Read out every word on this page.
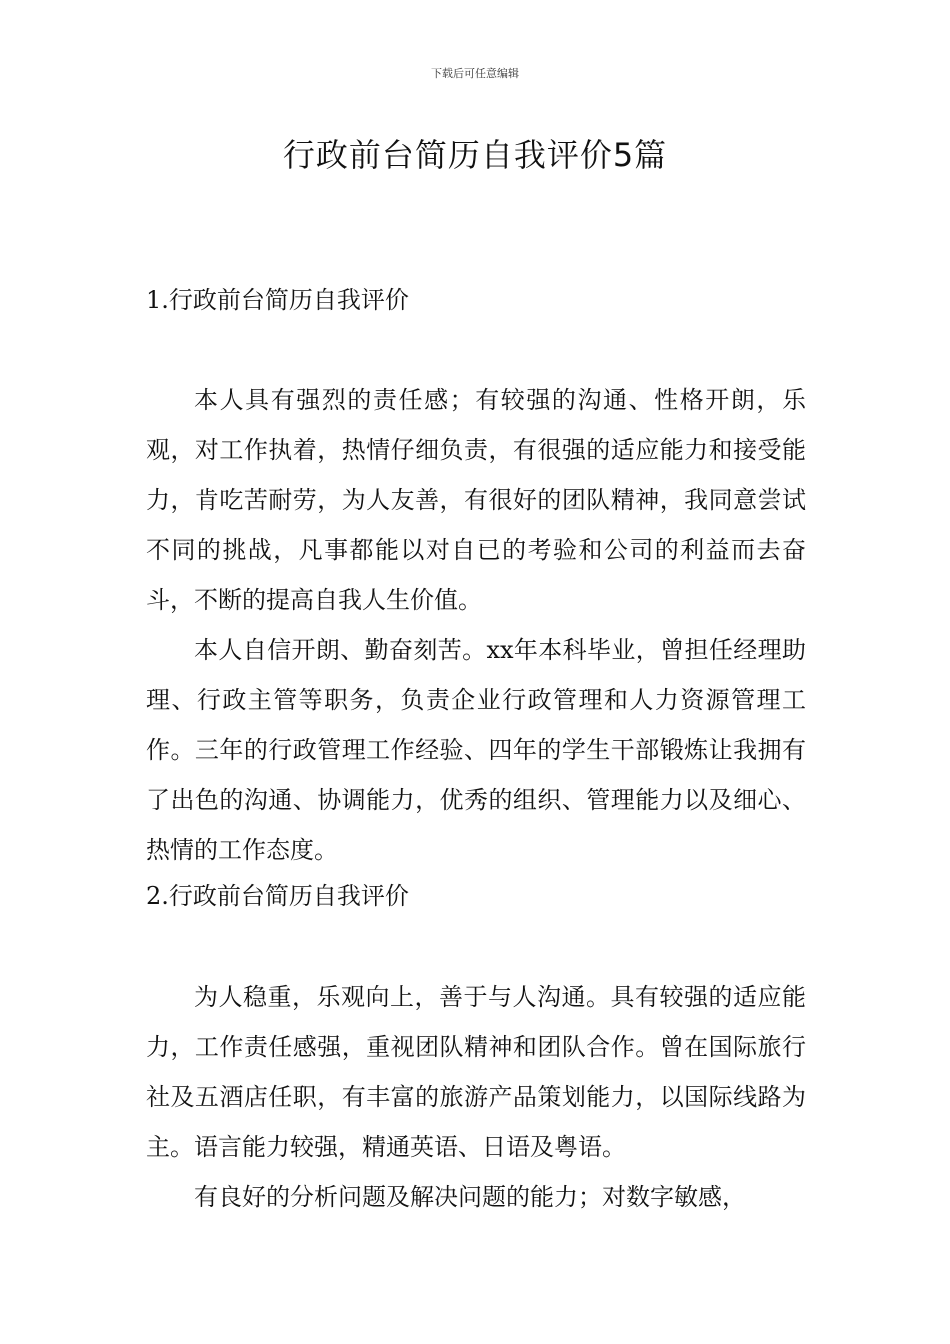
下载后可任意编辑
行政前台简历自我评价5篇
1.行政前台简历自我评价

本人具有强烈的责任感；有较强的沟通、性格开朗，乐观，对工作执着，热情仔细负责，有很强的适应能力和接受能力，肯吃苦耐劳，为人友善，有很好的团队精神，我同意尝试不同的挑战，凡事都能以对自已的考验和公司的利益而去奋斗，不断的提高自我人生价值。

本人自信开朗、勤奋刻苦。xx年本科毕业，曾担任经理助理、行政主管等职务，负责企业行政管理和人力资源管理工作。三年的行政管理工作经验、四年的学生干部锻炼让我拥有了出色的沟通、协调能力，优秀的组织、管理能力以及细心、热情的工作态度。

2.行政前台简历自我评价

为人稳重，乐观向上，善于与人沟通。具有较强的适应能力，工作责任感强，重视团队精神和团队合作。曾在国际旅行社及五酒店任职，有丰富的旅游产品策划能力，以国际线路为主。语言能力较强，精通英语、日语及粤语。

有良好的分析问题及解决问题的能力；对数字敏感，
